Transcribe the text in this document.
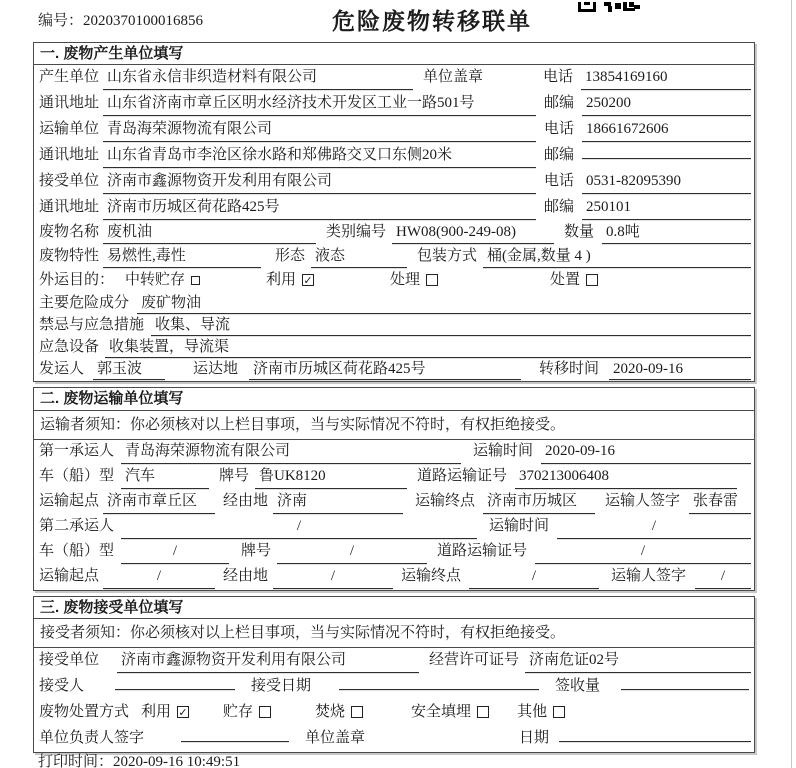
编号：2020370100016856	危险废物转移联单
一. 废物产生单位填写
产生单位 山东省永信非织造材料有限公司	单位盖章	电话 13854169160
通讯地址 山东省济南市章丘区明水经济技术开发区工业一路501号	邮编 250200
运输单位 青岛海荣源物流有限公司	电话 18661672606
通讯地址 山东省青岛市李沧区徐水路和郑佛路交叉口东侧20米	邮编
接受单位 济南市鑫源物资开发利用有限公司	电话 0531-82095390
通讯地址 济南市历城区荷花路425号	邮编 250101
废物名称 废机油	类别编号 HW08(900-249-08)	数量 0.8吨
废物特性 易燃性,毒性	形态 液态	包装方式 桶(金属,数量 4 )
外运目的： 中转贮存	利用 ✓	处理	处置
主要危险成分 废矿物油
禁忌与应急措施 收集、导流
应急设备 收集装置，导流渠
发运人 郭玉波	运达地 济南市历城区荷花路425号	转移时间 2020-09-16
二. 废物运输单位填写
运输者须知：你必须核对以上栏目事项，当与实际情况不符时，有权拒绝接受。
第一承运人 青岛海荣源物流有限公司	运输时间 2020-09-16
车（船）型 汽车	牌号 鲁UK8120	道路运输证号 370213006408
运输起点 济南市章丘区	经由地 济南	运输终点 济南市历城区	运输人签字 张春雷
第二承运人	/	运输时间	/
车（船）型	/	牌号	/	道路运输证号	/
运输起点	/	经由地	/	运输终点	/	运输人签字	/
三. 废物接受单位填写
接受者须知：你必须核对以上栏目事项，当与实际情况不符时，有权拒绝接受。
接受单位 济南市鑫源物资开发利用有限公司	经营许可证号 济南危证02号
接受人	接受日期	签收量
废物处置方式 利用 ✓ 贮存	焚烧	安全填埋	其他
单位负责人签字	单位盖章	日期
打印时间：2020-09-16 10:49:51
